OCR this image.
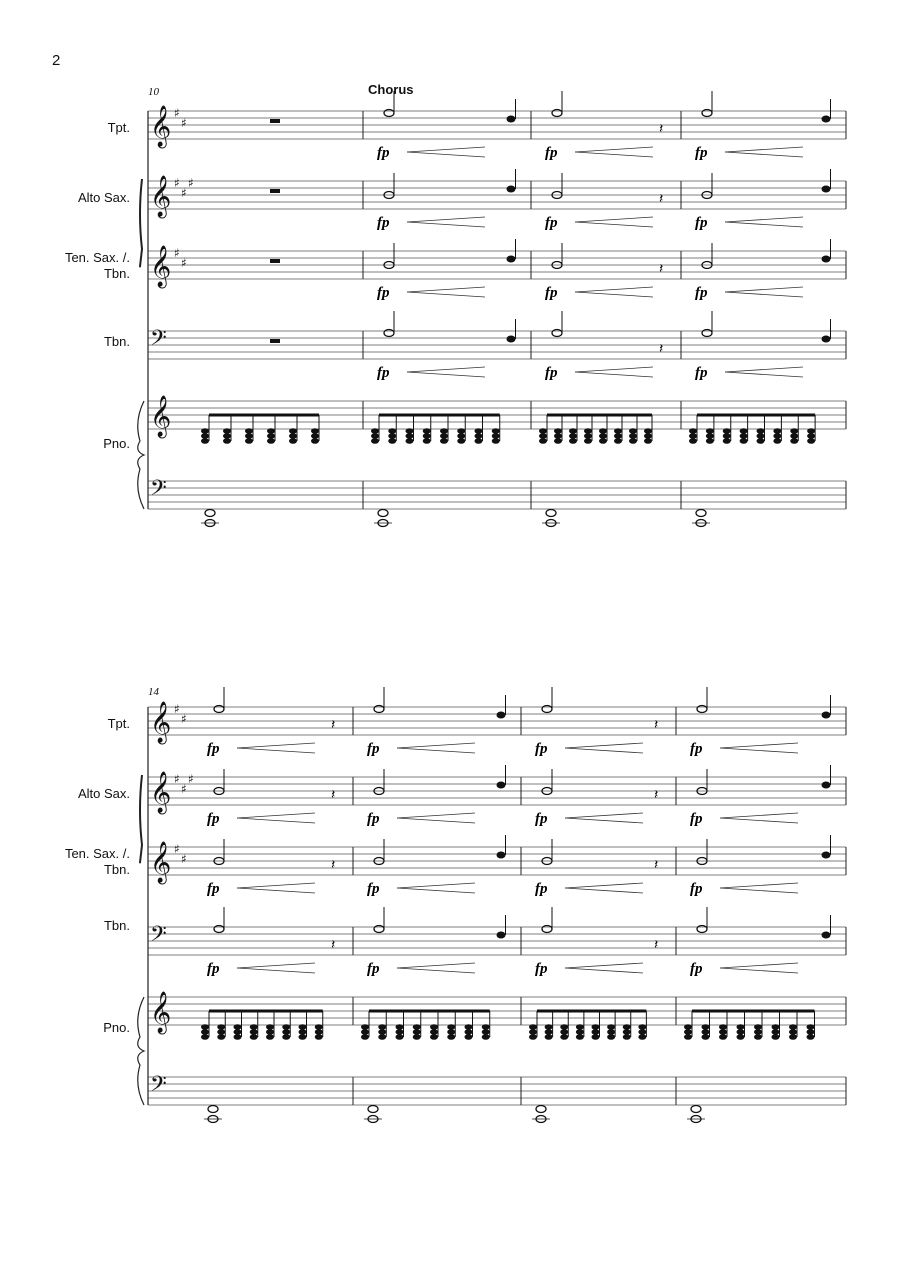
2
10	Chorus
Tpt.
Alto Sax.
Ten. Sax. /.
Tbn.
Tbn.
Pno.
14
Tpt.
Alto Sax.
Ten. Sax. /.
Tbn.
Tbn.
Pno.
𝄞 ♯
♯
𝄞 ♯
♯
♯
𝄞 ♯
♯
𝄢
𝄞
𝄢
fp
fp
fp
fp
𝄽
fp
𝄽
fp
𝄽
fp
𝄽
fp
fp
fp
fp
fp
𝄞 ♯
♯
𝄞 ♯
♯
♯
𝄞 ♯
♯
𝄢
𝄞
𝄢
𝄽
fp
𝄽
fp
𝄽
fp
𝄽
fp
fp
fp
fp
fp
𝄽
fp
𝄽
fp
𝄽
fp
𝄽
fp
fp
fp
fp
fp
